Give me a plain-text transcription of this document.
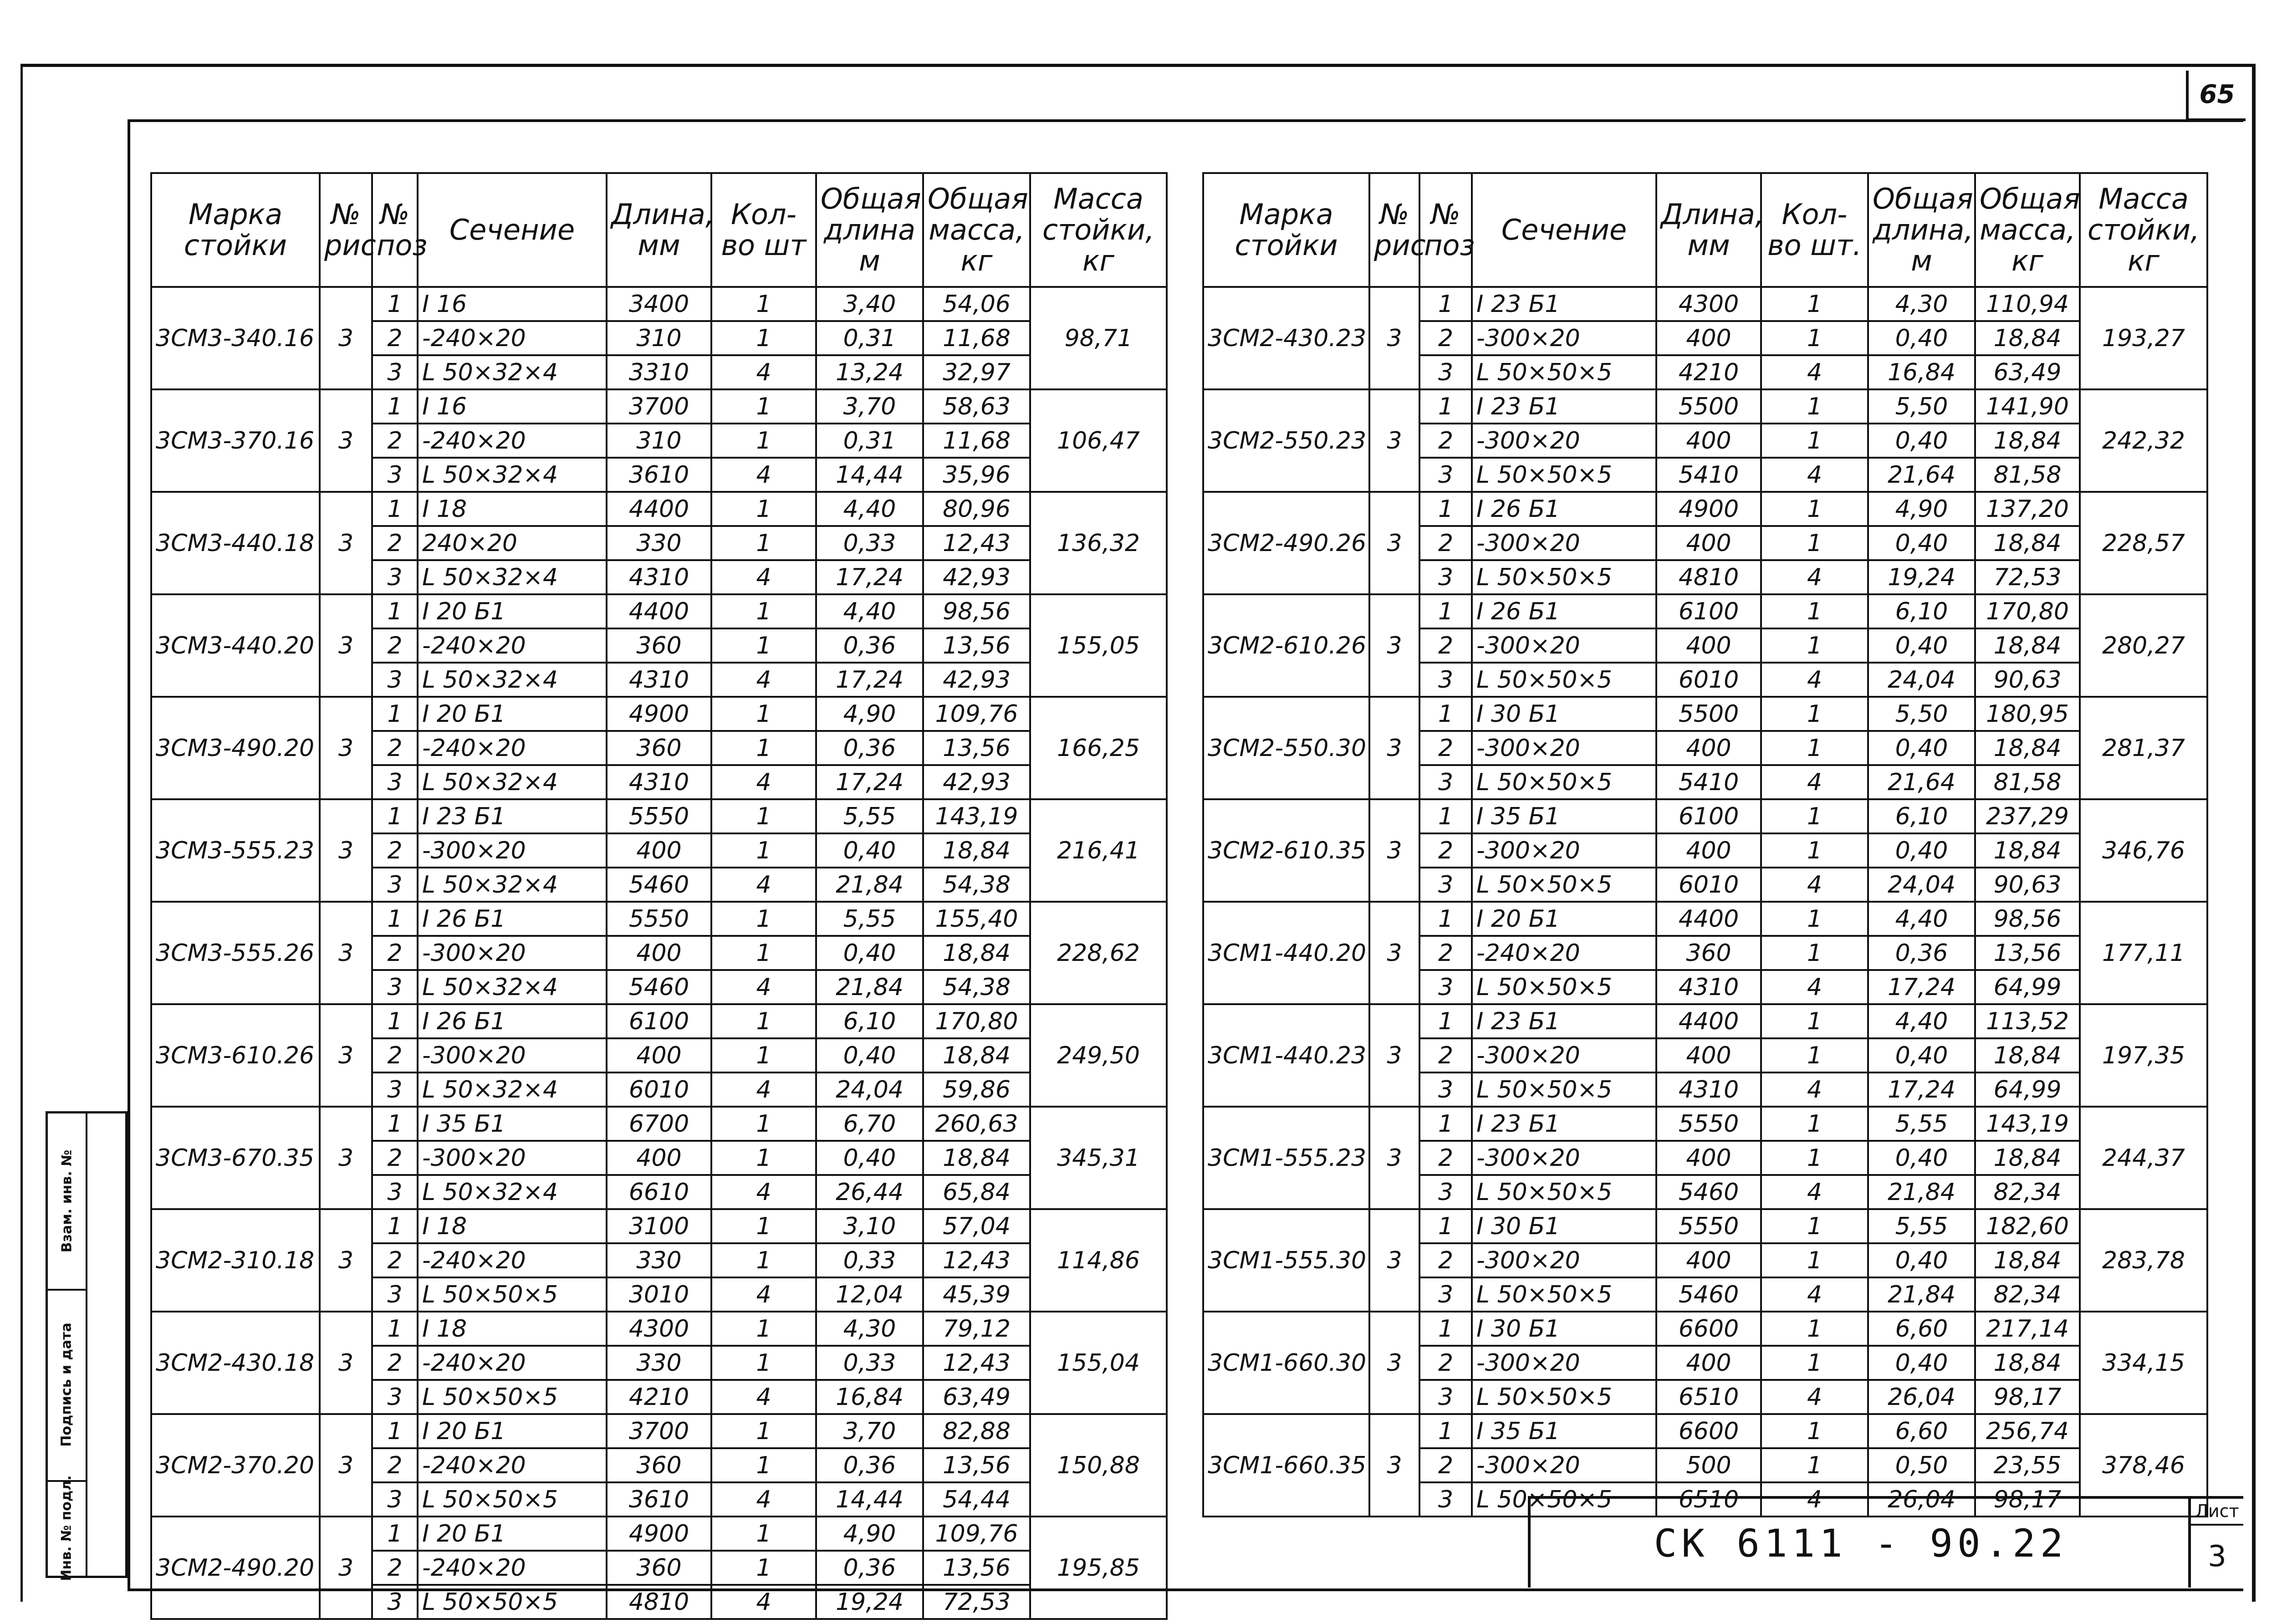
65
Марка стойки	№ рис	№ поз	Сечение	Длина, мм	Кол-во шт	Общая длина м	Общая масса, кг	Масса стойки, кг
3СМ3-340.16	3	1	I 16	3400	1	3,40	54,06	98,71
		2	-240×20	310	1	0,31	11,68	
		3	L 50×32×4	3310	4	13,24	32,97	
3СМ3-370.16	3	1	I 16	3700	1	3,70	58,63	106,47
		2	-240×20	310	1	0,31	11,68	
		3	L 50×32×4	3610	4	14,44	35,96	
3СМ3-440.18	3	1	I 18	4400	1	4,40	80,96	136,32
		2	240×20	330	1	0,33	12,43	
		3	L 50×32×4	4310	4	17,24	42,93	
3СМ3-440.20	3	1	I 20 Б1	4400	1	4,40	98,56	155,05
		2	-240×20	360	1	0,36	13,56	
		3	L 50×32×4	4310	4	17,24	42,93	
3СМ3-490.20	3	1	I 20 Б1	4900	1	4,90	109,76	166,25
		2	-240×20	360	1	0,36	13,56	
		3	L 50×32×4	4310	4	17,24	42,93	
3СМ3-555.23	3	1	I 23 Б1	5550	1	5,55	143,19	216,41
		2	-300×20	400	1	0,40	18,84	
		3	L 50×32×4	5460	4	21,84	54,38	
3СМ3-555.26	3	1	I 26 Б1	5550	1	5,55	155,40	228,62
		2	-300×20	400	1	0,40	18,84	
		3	L 50×32×4	5460	4	21,84	54,38	
3СМ3-610.26	3	1	I 26 Б1	6100	1	6,10	170,80	249,50
		2	-300×20	400	1	0,40	18,84	
		3	L 50×32×4	6010	4	24,04	59,86	
3СМ3-670.35	3	1	I 35 Б1	6700	1	6,70	260,63	345,31
		2	-300×20	400	1	0,40	18,84	
		3	L 50×32×4	6610	4	26,44	65,84	
3СМ2-310.18	3	1	I 18	3100	1	3,10	57,04	114,86
		2	-240×20	330	1	0,33	12,43	
		3	L 50×50×5	3010	4	12,04	45,39	
3СМ2-430.18	3	1	I 18	4300	1	4,30	79,12	155,04
		2	-240×20	330	1	0,33	12,43	
		3	L 50×50×5	4210	4	16,84	63,49	
3СМ2-370.20	3	1	I 20 Б1	3700	1	3,70	82,88	150,88
		2	-240×20	360	1	0,36	13,56	
		3	L 50×50×5	3610	4	14,44	54,44	
3СМ2-490.20	3	1	I 20 Б1	4900	1	4,90	109,76	195,85
		2	-240×20	360	1	0,36	13,56	
		3	L 50×50×5	4810	4	19,24	72,53	
Марка стойки	№ рис	№ поз	Сечение	Длина, мм	Кол-во шт.	Общая длина, м	Общая масса, кг	Масса стойки, кг
3СМ2-430.23	3	1	I 23 Б1	4300	1	4,30	110,94	193,27
		2	-300×20	400	1	0,40	18,84	
		3	L 50×50×5	4210	4	16,84	63,49	
3СМ2-550.23	3	1	I 23 Б1	5500	1	5,50	141,90	242,32
		2	-300×20	400	1	0,40	18,84	
		3	L 50×50×5	5410	4	21,64	81,58	
3СМ2-490.26	3	1	I 26 Б1	4900	1	4,90	137,20	228,57
		2	-300×20	400	1	0,40	18,84	
		3	L 50×50×5	4810	4	19,24	72,53	
3СМ2-610.26	3	1	I 26 Б1	6100	1	6,10	170,80	280,27
		2	-300×20	400	1	0,40	18,84	
		3	L 50×50×5	6010	4	24,04	90,63	
3СМ2-550.30	3	1	I 30 Б1	5500	1	5,50	180,95	281,37
		2	-300×20	400	1	0,40	18,84	
		3	L 50×50×5	5410	4	21,64	81,58	
3СМ2-610.35	3	1	I 35 Б1	6100	1	6,10	237,29	346,76
		2	-300×20	400	1	0,40	18,84	
		3	L 50×50×5	6010	4	24,04	90,63	
3СМ1-440.20	3	1	I 20 Б1	4400	1	4,40	98,56	177,11
		2	-240×20	360	1	0,36	13,56	
		3	L 50×50×5	4310	4	17,24	64,99	
3СМ1-440.23	3	1	I 23 Б1	4400	1	4,40	113,52	197,35
		2	-300×20	400	1	0,40	18,84	
		3	L 50×50×5	4310	4	17,24	64,99	
3СМ1-555.23	3	1	I 23 Б1	5550	1	5,55	143,19	244,37
		2	-300×20	400	1	0,40	18,84	
		3	L 50×50×5	5460	4	21,84	82,34	
3СМ1-555.30	3	1	I 30 Б1	5550	1	5,55	182,60	283,78
		2	-300×20	400	1	0,40	18,84	
		3	L 50×50×5	5460	4	21,84	82,34	
3СМ1-660.30	3	1	I 30 Б1	6600	1	6,60	217,14	334,15
		2	-300×20	400	1	0,40	18,84	
		3	L 50×50×5	6510	4	26,04	98,17	
3СМ1-660.35	3	1	I 35 Б1	6600	1	6,60	256,74	378,46
		2	-300×20	500	1	0,50	23,55	
		3	L 50×50×5	6510	4	26,04	98,17	
СК 6111 - 90.22
Лист
3
Взам. инв. №
Подпись и дата
Инв. № подл.
